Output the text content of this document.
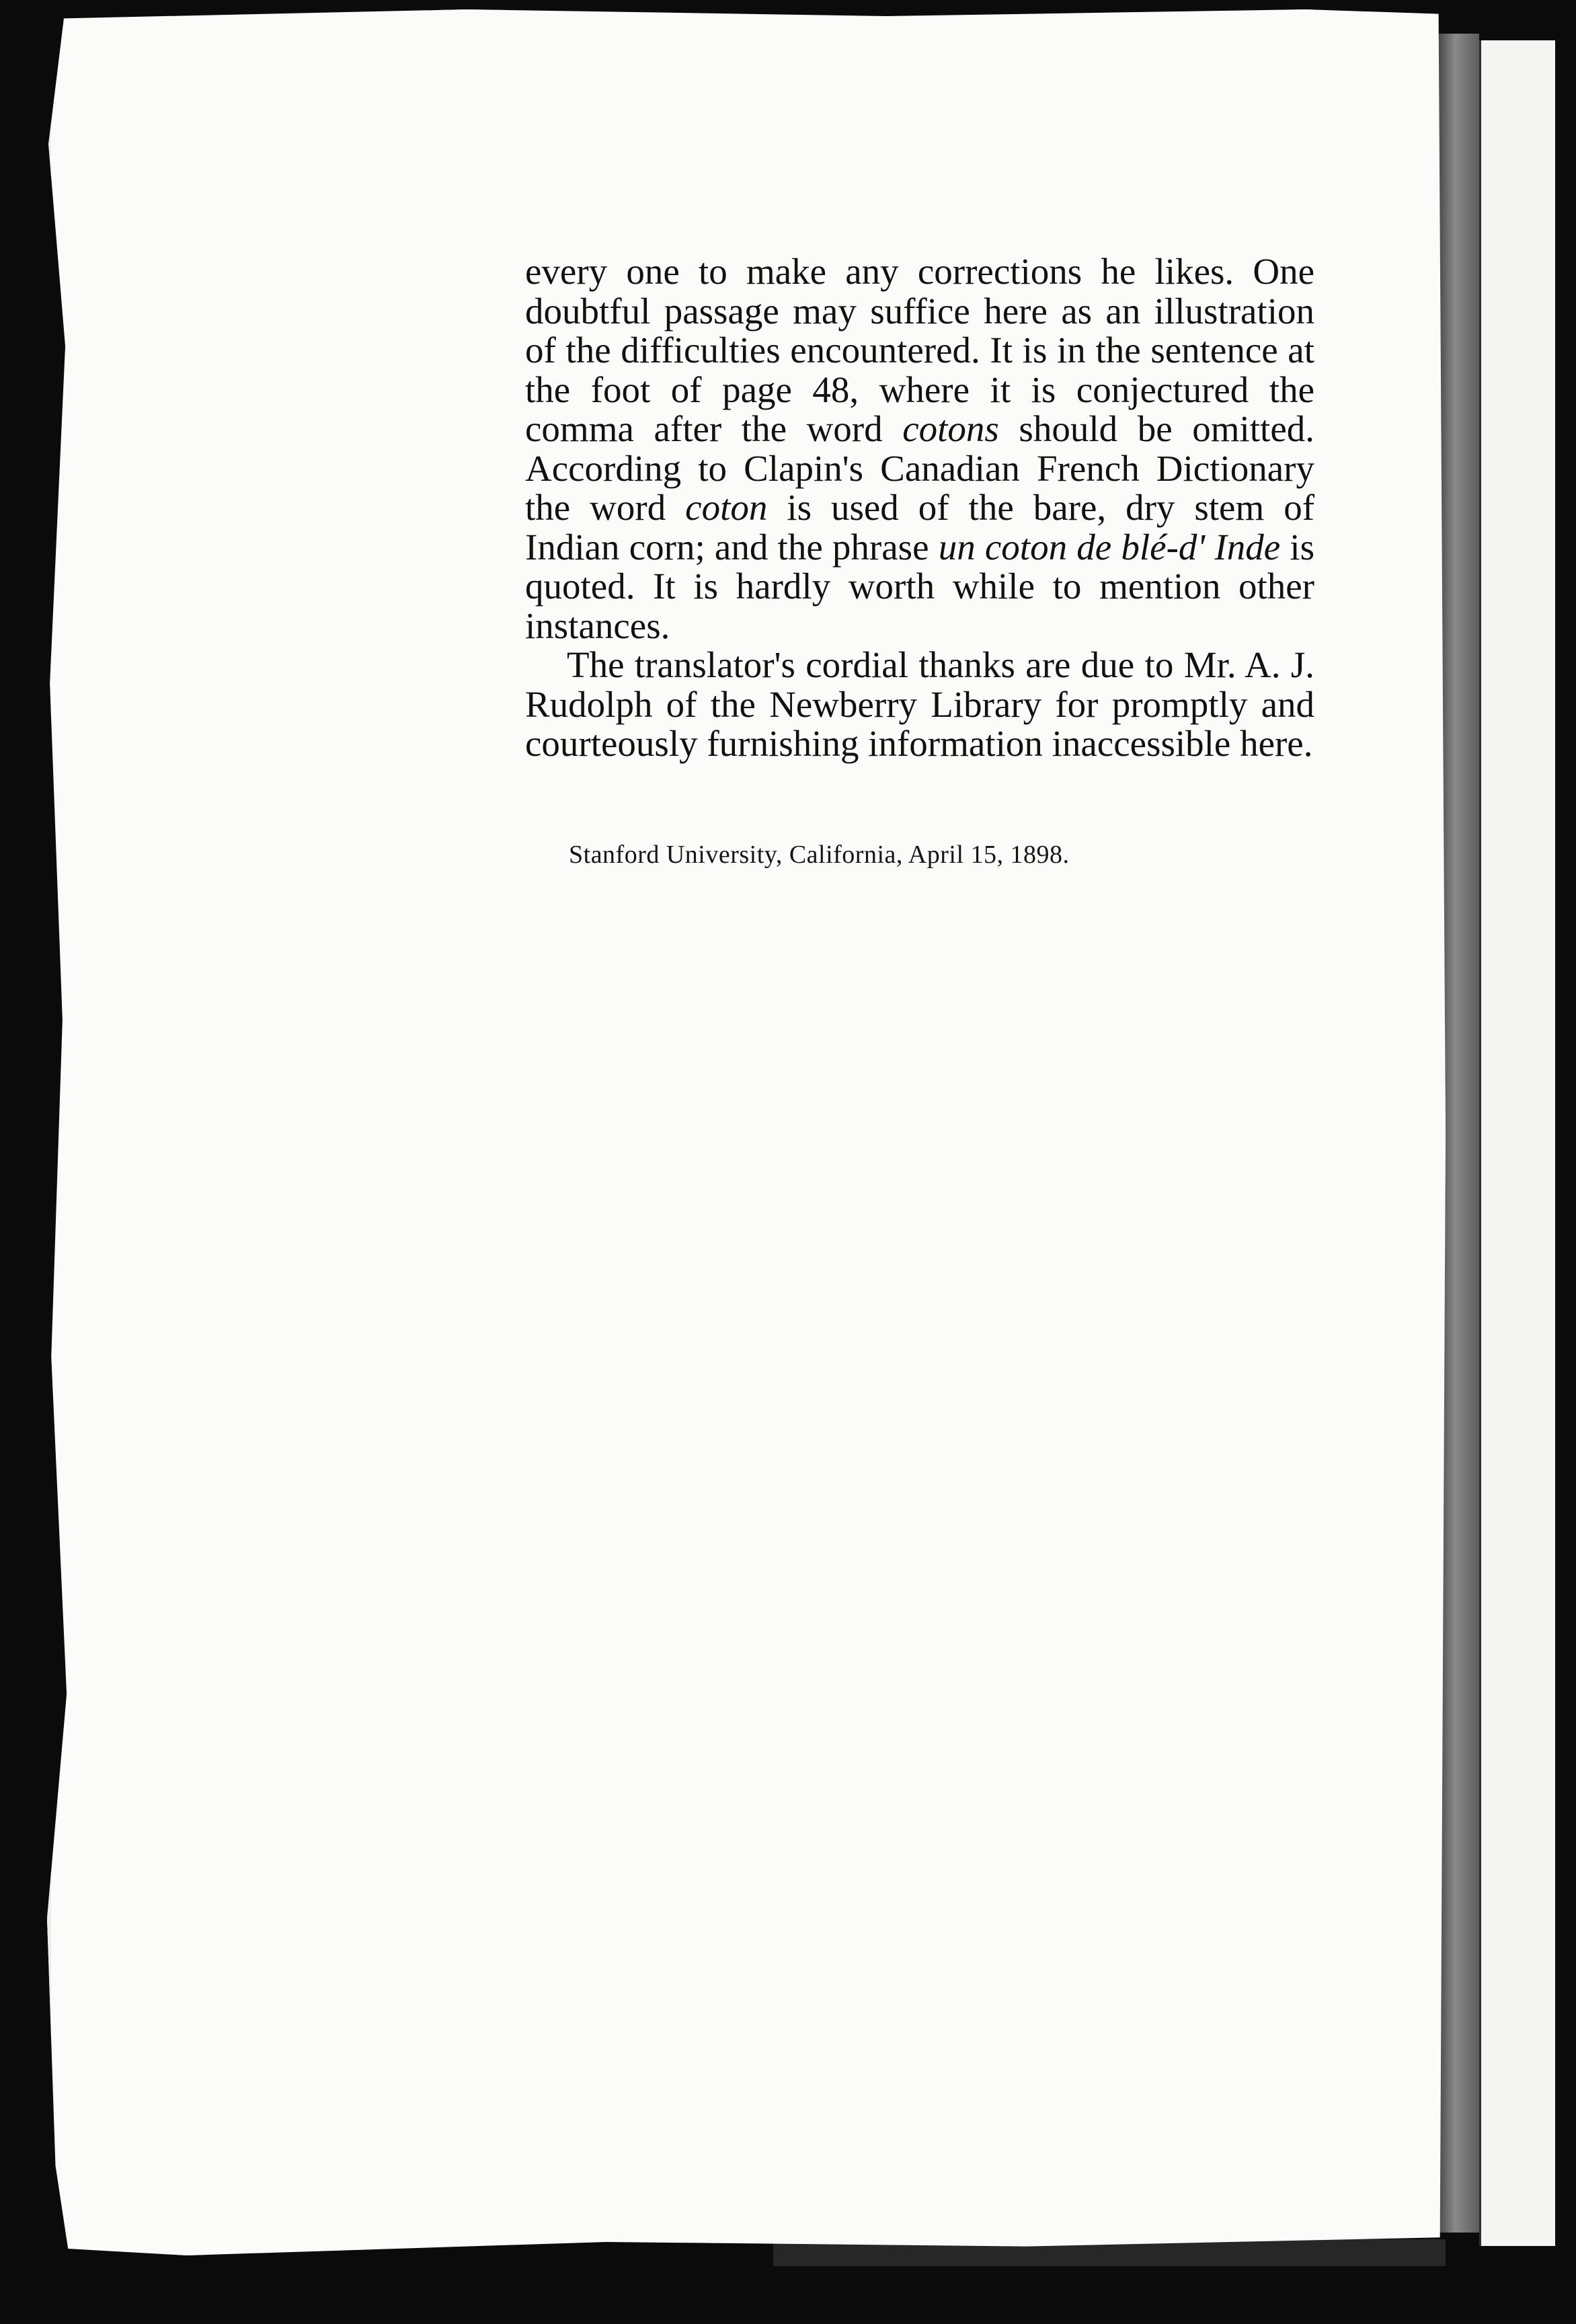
every one to make any corrections he likes. One doubtful passage may suffice here as an illustration of the difficulties encountered. It is in the sentence at the foot of page 48, where it is conjectured the comma after the word cotons should be omitted. According to Clapin's Canadian French Dictionary the word coton is used of the bare, dry stem of Indian corn; and the phrase un coton de blé-d' Inde is quoted. It is hardly worth while to mention other instances.

The translator's cordial thanks are due to Mr. A. J. Rudolph of the Newberry Library for promptly and courteously furnishing information inaccessible here.

Stanford University, California, April 15, 1898.
